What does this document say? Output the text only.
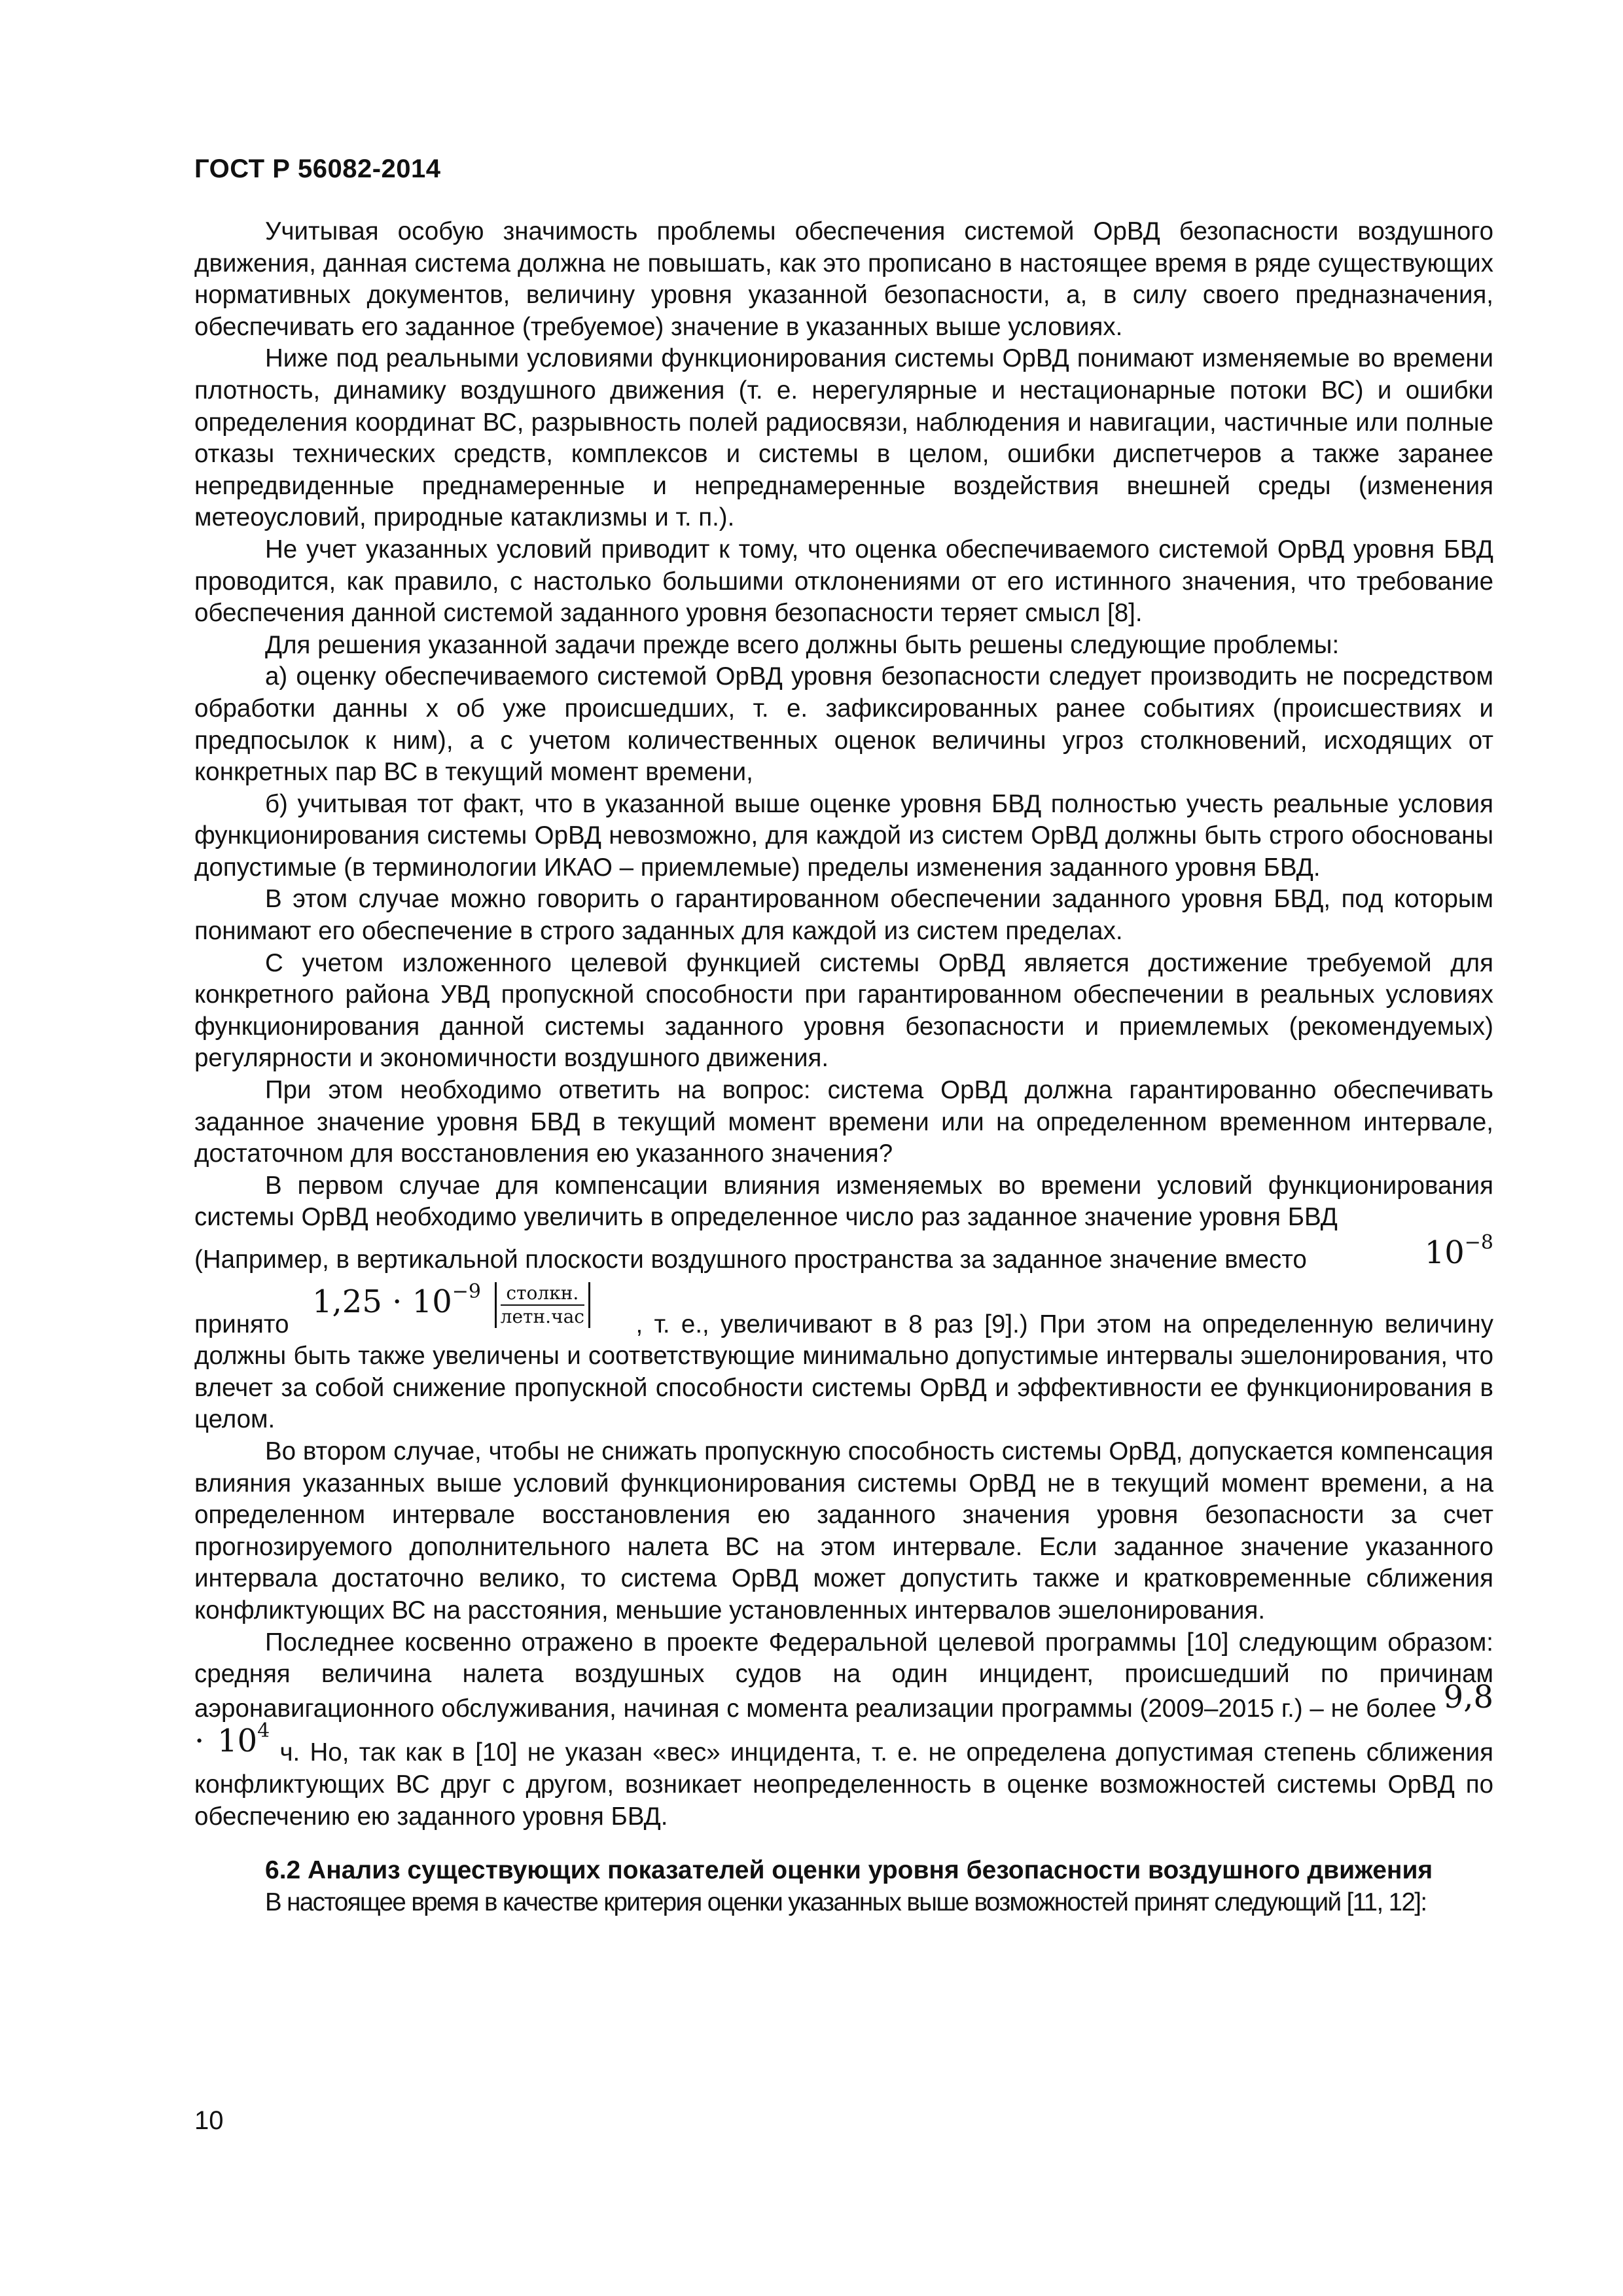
ГОСТ Р 56082-2014

Учитывая особую значимость проблемы обеспечения системой ОрВД безопасности воздушного движения, данная система должна не повышать, как это прописано в настоящее время в ряде существующих нормативных документов, величину уровня указанной безопасности, а, в силу своего предназначения, обеспечивать его заданное (требуемое) значение в указанных выше условиях.

Ниже под реальными условиями функционирования системы ОрВД понимают изменяемые во времени плотность, динамику воздушного движения (т. е. нерегулярные и нестационарные потоки ВС) и ошибки определения координат ВС, разрывность полей радиосвязи, наблюдения и навигации, частичные или полные отказы технических средств, комплексов и системы в целом, ошибки диспетчеров а также заранее непредвиденные преднамеренные и непреднамеренные воздействия внешней среды (изменения метеоусловий, природные катаклизмы и т. п.).

Не учет указанных условий приводит к тому, что оценка обеспечиваемого системой ОрВД уровня БВД проводится, как правило, с настолько большими отклонениями от его истинного значения, что требование обеспечения данной системой заданного уровня безопасности теряет смысл [8].

Для решения указанной задачи прежде всего должны быть решены следующие проблемы:

а) оценку обеспечиваемого системой ОрВД уровня безопасности следует производить не посредством обработки данны х об уже происшедших, т. е. зафиксированных ранее событиях (происшествиях и предпосылок к ним), а с учетом количественных оценок величины угроз столкновений, исходящих от конкретных пар ВС в текущий момент времени,

б) учитывая тот факт, что в указанной выше оценке уровня БВД полностью учесть реальные условия функционирования системы ОрВД невозможно, для каждой из систем ОрВД должны быть строго обоснованы допустимые (в терминологии ИКАО – приемлемые) пределы изменения заданного уровня БВД.

В этом случае можно говорить о гарантированном обеспечении заданного уровня БВД, под которым понимают его обеспечение в строго заданных для каждой из систем пределах.

С учетом изложенного целевой функцией системы ОрВД является достижение требуемой для конкретного района УВД пропускной способности при гарантированном обеспечении в реальных условиях функционирования данной системы заданного уровня безопасности и приемлемых (рекомендуемых) регулярности и экономичности воздушного движения.

При этом необходимо ответить на вопрос: система ОрВД должна гарантированно обеспечивать заданное значение уровня БВД в текущий момент времени или на определенном временном интервале, достаточном для восстановления ею указанного значения?

В первом случае для компенсации влияния изменяемых во времени условий функционирования системы ОрВД необходимо увеличить в определенное число раз заданное значение уровня БВД

(Например, в вертикальной плоскости воздушного пространства за заданное значение вместо	$10^{-8}$

$1,25 \cdot 10^{-9} \frac{\text{столкн.}}{\text{летн.час}}$

принято	, т. е., увеличивают в 8 раз [9].) При этом на определенную величину должны быть также увеличены и соответствующие минимально допустимые интервалы эшелонирования, что влечет за собой снижение пропускной способности системы ОрВД и эффективности ее функционирования в целом.

Во втором случае, чтобы не снижать пропускную способность системы ОрВД, допускается компенсация влияния указанных выше условий функционирования системы ОрВД не в текущий момент времени, а на определенном интервале восстановления ею заданного значения уровня безопасности за счет прогнозируемого дополнительного налета ВС на этом интервале. Если заданное значение указанного интервала достаточно велико, то система ОрВД может допустить также и кратковременные сближения конфликтующих ВС на расстояния, меньшие установленных интервалов эшелонирования.

Последнее косвенно отражено в проекте Федеральной целевой программы [10] следующим образом: средняя величина налета воздушных судов на один инцидент, происшедший по причинам аэронавигационного обслуживания, начиная с момента реализации программы (2009–2015 г.) – не более $9,8 \cdot 10^4$ ч. Но, так как в [10] не указан «вес» инцидента, т. е. не определена допустимая степень сближения конфликтующих ВС друг с другом, возникает неопределенность в оценке возможностей системы ОрВД по обеспечению ею заданного уровня БВД.

6.2 Анализ существующих показателей оценки уровня безопасности воздушного движения

В настоящее время в качестве критерия оценки указанных выше возможностей принят следующий [11, 12]:

10
